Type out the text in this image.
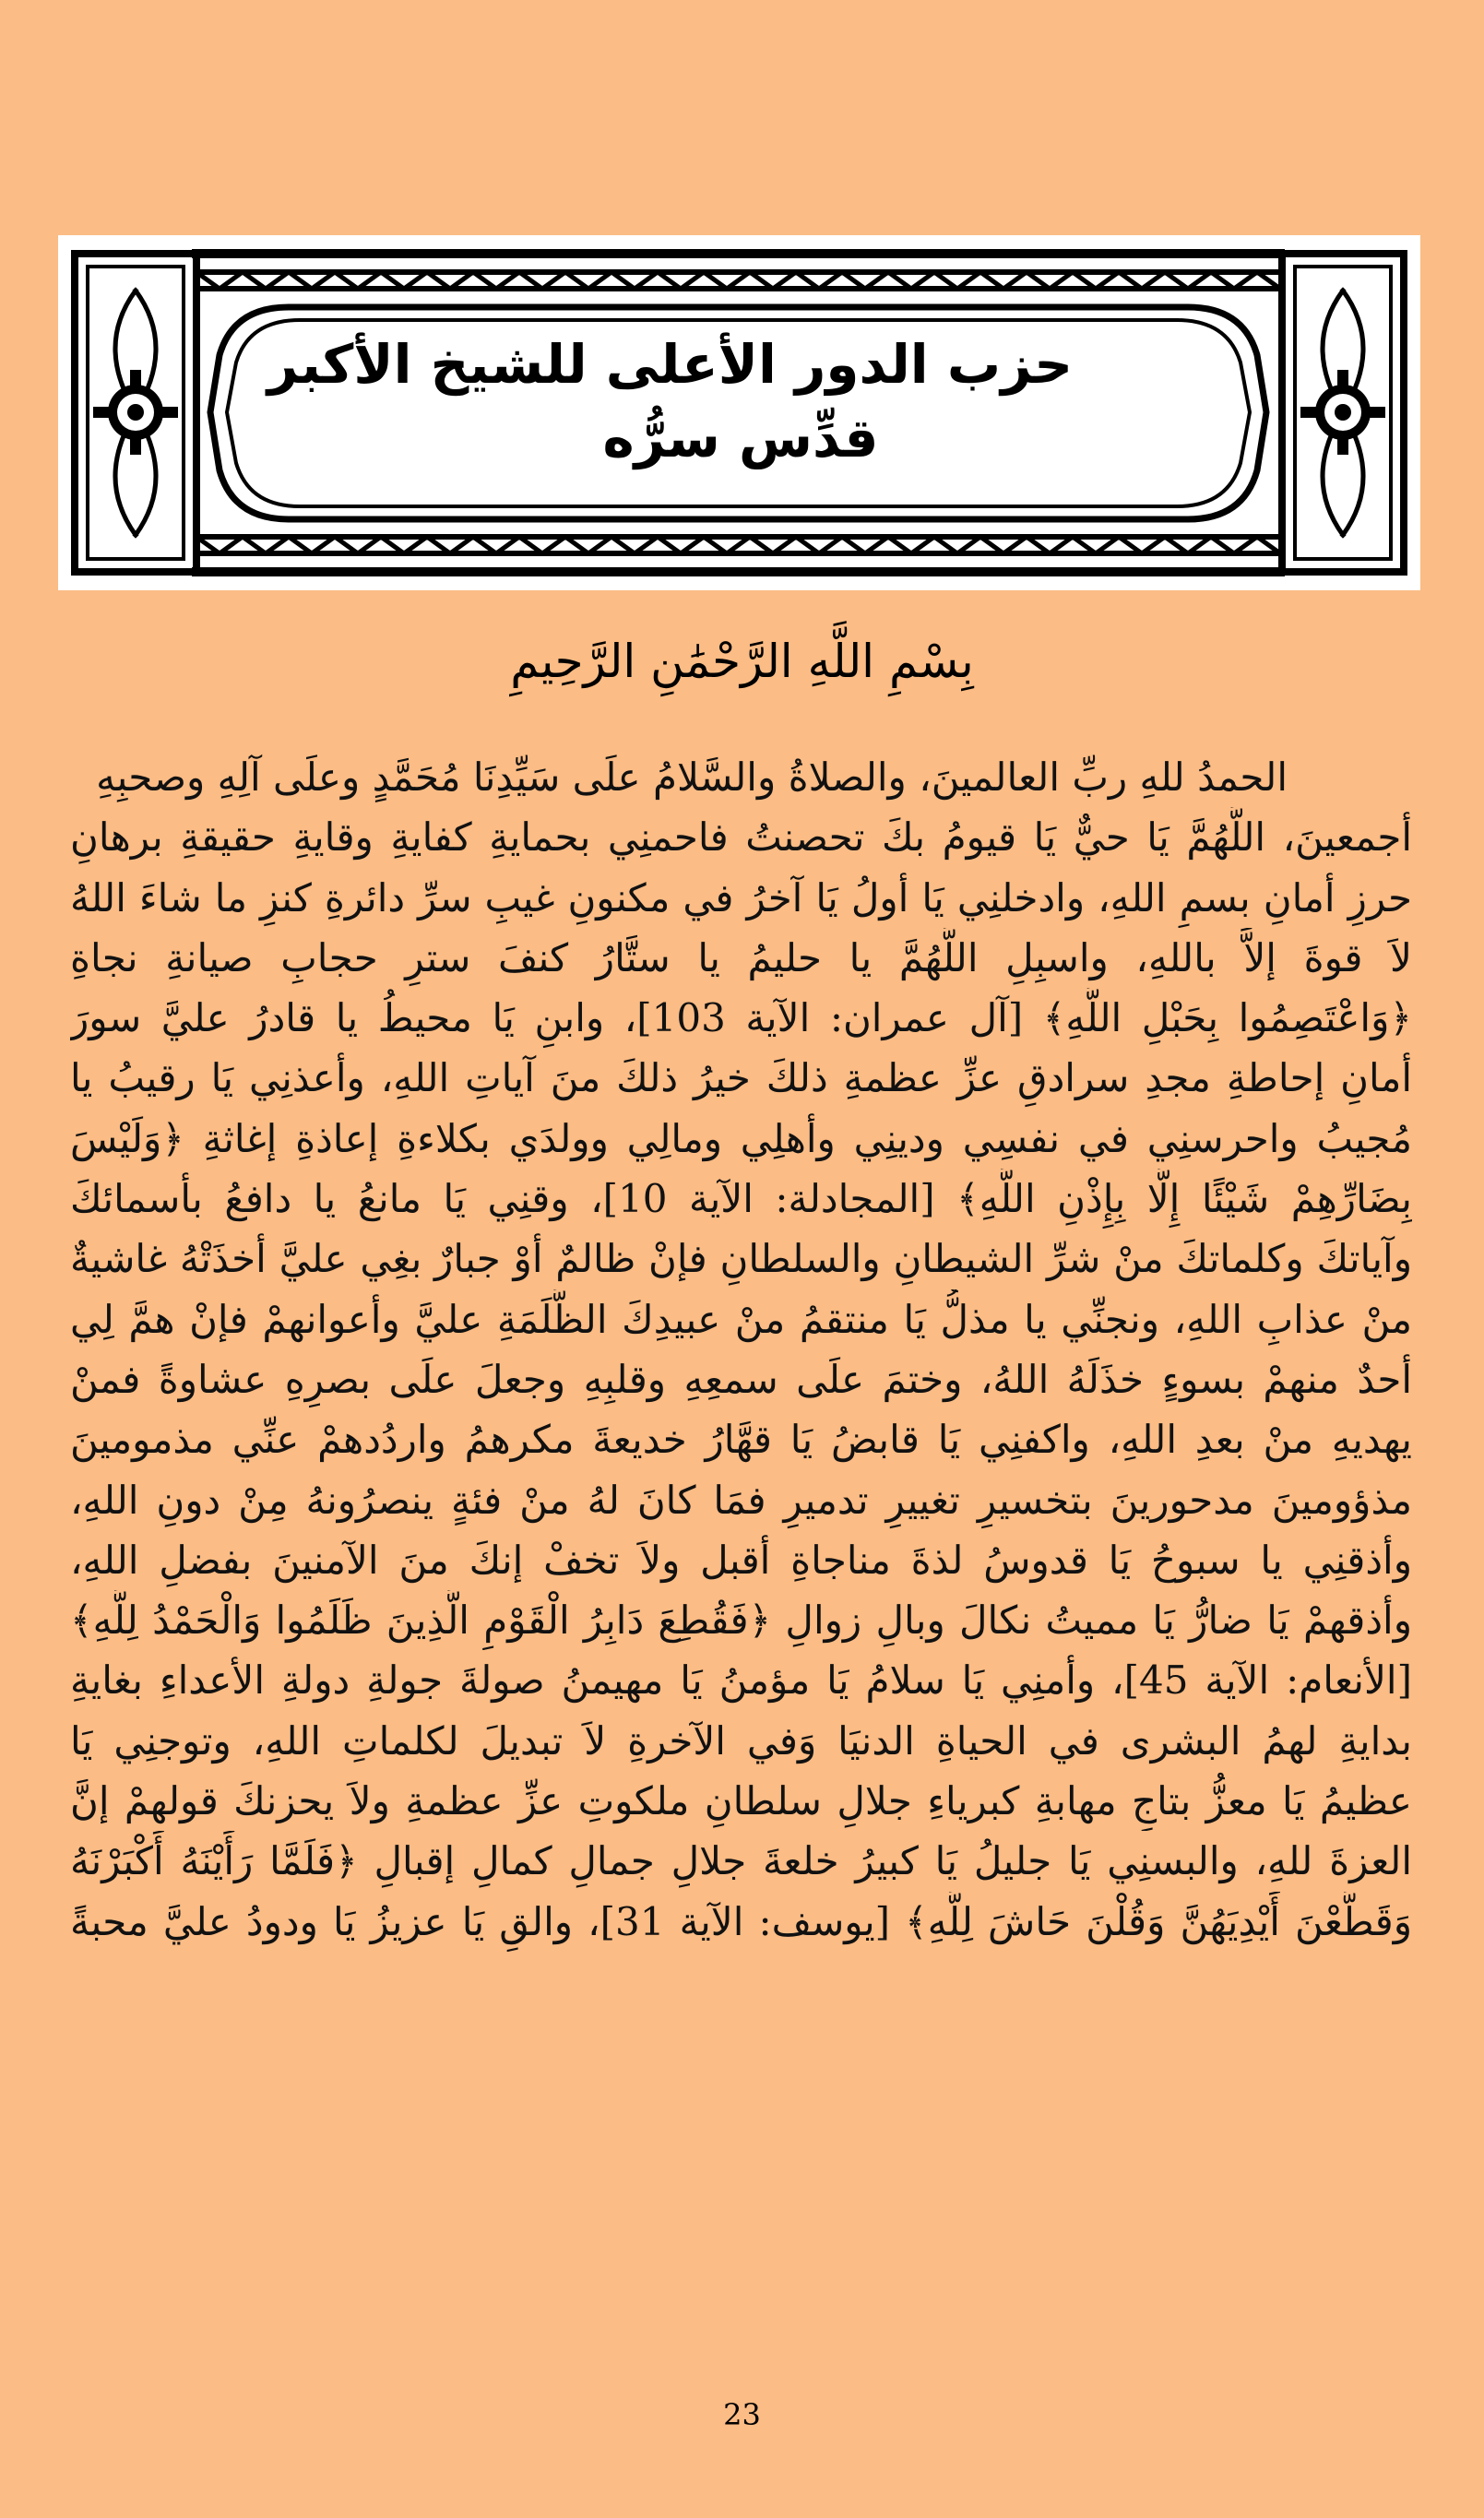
حزب الدور الأعلى للشيخ الأكبر
قدِّس سرُّه
بِسْمِ اللَّهِ الرَّحْمَٰنِ الرَّحِيمِ
الحمدُ للهِ ربِّ العالمينَ، والصلاةُ والسَّلامُ علَى سَيِّدِنَا مُحَمَّدٍ وعلَى آلِهِ وصحبِهِ
أجمعينَ، اللَّهُمَّ يَا حيٌّ يَا قيومُ بكَ تحصنتُ فاحمنِي بحمايةِ كفايةِ وقايةِ حقيقةِ برهانِ
حرزِ أمانِ بسمِ اللهِ، وادخلنِي يَا أولُ يَا آخرُ في مكنونِ غيبِ سرِّ دائرةِ كنزِ ما شاءَ اللهُ
لاَ قوةَ إلاَّ باللهِ، واسبِلِ اللَّهُمَّ يا حليمُ يا ستَّارُ كنفَ سترِ حجابِ صيانةِ نجاةِ
﴿وَاعْتَصِمُوا بِحَبْلِ اللَّهِ﴾ [آل عمران: الآية 103]، وابنِ يَا محيطُ يا قادرُ عليَّ سورَ
أمانِ إحاطةِ مجدِ سرادقِ عزِّ عظمةِ ذلكَ خيرُ ذلكَ منَ آياتِ اللهِ، وأعذنِي يَا رقيبُ يا
مُجيبُ واحرسنِي في نفسِي ودينِي وأهلِي ومالِي وولدَي بكلاءةِ إعاذةِ إغاثةِ ﴿وَلَيْسَ
بِضَارِّهِمْ شَيْئًا إِلَّا بِإِذْنِ اللَّهِ﴾ [المجادلة: الآية 10]، وقنِي يَا مانعُ يا دافعُ بأسمائكَ
وآياتكَ وكلماتكَ منْ شرِّ الشيطانِ والسلطانِ فإنْ ظالمٌ أوْ جبارٌ بغِي عليَّ أخذَتْهُ غاشيةٌ
منْ عذابِ اللهِ، ونجنِّي يا مذلُّ يَا منتقمُ منْ عبيدِكَ الظَّلَمَةِ عليَّ وأعوانهمْ فإنْ همَّ لِي
أحدٌ منهمْ بسوءٍ خذَلَهُ اللهُ، وختمَ علَى سمعِهِ وقلبِهِ وجعلَ علَى بصرِهِ عشاوةً فمنْ
يهديهِ منْ بعدِ اللهِ، واكفنِي يَا قابضُ يَا قهَّارُ خديعةَ مكرهمُ واردُدهمْ عنِّي مذمومينَ
مذؤومينَ مدحورينَ بتخسيرِ تغييرِ تدميرِ فمَا كانَ لهُ منْ فئةٍ ينصرُونهُ مِنْ دونِ اللهِ،
وأذقنِي يا سبوحُ يَا قدوسُ لذةَ مناجاةِ أقبل ولاَ تخفْ إنكَ منَ الآمنينَ بفضلِ اللهِ،
وأذقهمْ يَا ضارُّ يَا مميتُ نكالَ وبالِ زوالِ ﴿فَقُطِعَ دَابِرُ الْقَوْمِ الَّذِينَ ظَلَمُوا وَالْحَمْدُ لِلَّهِ﴾
[الأنعام: الآية 45]، وأمنِي يَا سلامُ يَا مؤمنُ يَا مهيمنُ صولةَ جولةِ دولةِ الأعداءِ بغايةِ
بدايةِ لهمُ البشرى في الحياةِ الدنيَا وَفي الآخرةِ لاَ تبديلَ لكلماتِ اللهِ، وتوجنِي يَا
عظيمُ يَا معزُّ بتاجِ مهابةِ كبرياءِ جلالِ سلطانِ ملكوتِ عزِّ عظمةِ ولاَ يحزنكَ قولهمْ إنَّ
العزةَ للهِ، والبسنِي يَا جليلُ يَا كبيرُ خلعةَ جلالِ جمالِ كمالِ إقبالِ ﴿فَلَمَّا رَأَيْنَهُ أَكْبَرْنَهُ
وَقَطَّعْنَ أَيْدِيَهُنَّ وَقُلْنَ حَاشَ لِلَّهِ﴾ [يوسف: الآية 31]، والقِ يَا عزيزُ يَا ودودُ عليَّ محبةً
23
